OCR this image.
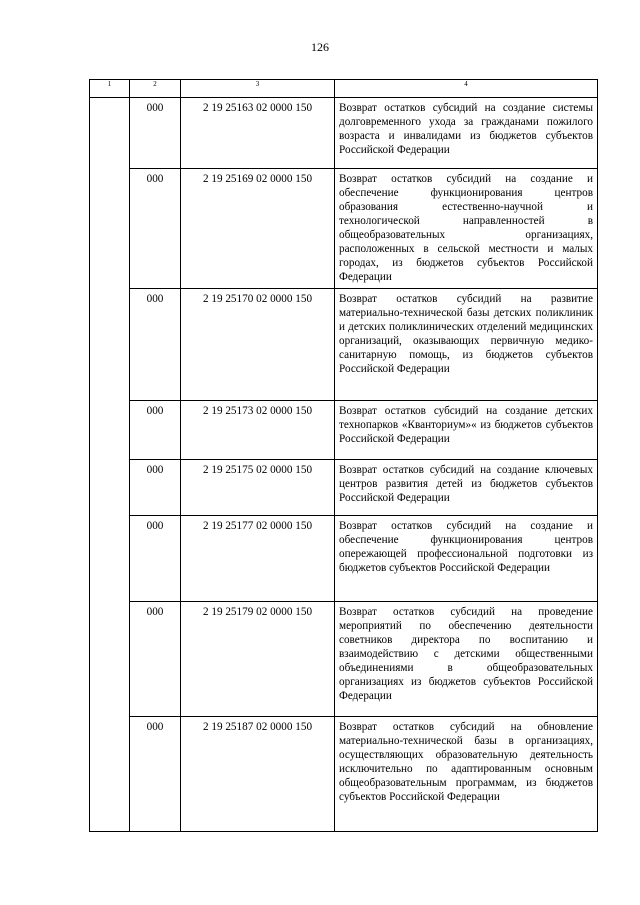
126
1	2	3	4
	000	2 19 25163 02 0000 150	Возврат остатков субсидий на создание системы долговременного ухода за гражданами пожилого возраста и инвалидами из бюджетов субъектов Российской Федерации
	000	2 19 25169 02 0000 150	Возврат остатков субсидий на создание и обеспечение функционирования центров образования естественно-научной и технологической направленностей в общеобразовательных организациях, расположенных в сельской местности и малых городах, из бюджетов субъектов Российской Федерации
	000	2 19 25170 02 0000 150	Возврат остатков субсидий на развитие материально-технической базы детских поликлиник и детских поликлинических отделений медицинских организаций, оказывающих первичную медико-санитарную помощь, из бюджетов субъектов Российской Федерации
	000	2 19 25173 02 0000 150	Возврат остатков субсидий на создание детских технопарков «Кванториум»« из бюджетов субъектов Российской Федерации
	000	2 19 25175 02 0000 150	Возврат остатков субсидий на создание ключевых центров развития детей из бюджетов субъектов Российской Федерации
	000	2 19 25177 02 0000 150	Возврат остатков субсидий на создание и обеспечение функционирования центров опережающей профессиональной подготовки из бюджетов субъектов Российской Федерации
	000	2 19 25179 02 0000 150	Возврат остатков субсидий на проведение мероприятий по обеспечению деятельности советников директора по воспитанию и взаимодействию с детскими общественными объединениями в общеобразовательных организациях из бюджетов субъектов Российской Федерации
	000	2 19 25187 02 0000 150	Возврат остатков субсидий на обновление материально-технической базы в организациях, осуществляющих образовательную деятельность исключительно по адаптированным основным общеобразовательным программам, из бюджетов субъектов Российской Федерации
